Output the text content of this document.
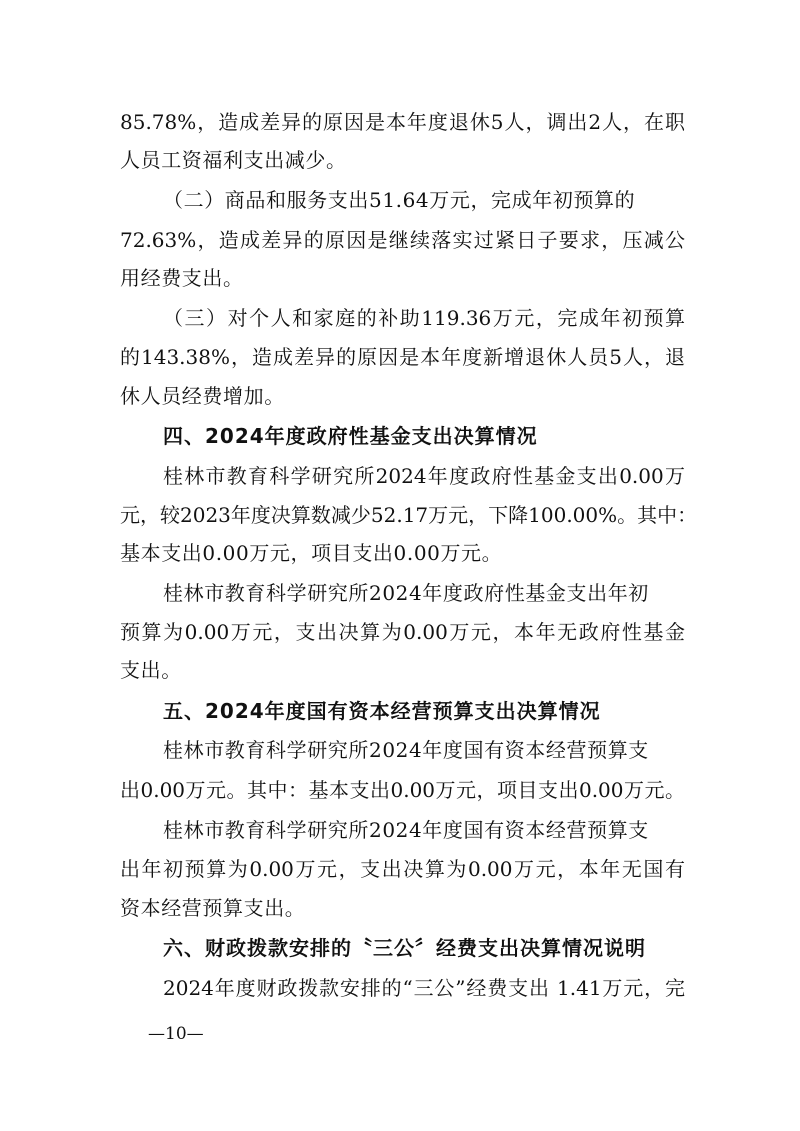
85.78%，造成差异的原因是本年度退休5人，调出2人，在职
人员工资福利支出减少。
（二）商品和服务支出51.64万元，完成年初预算的
72.63%，造成差异的原因是继续落实过紧日子要求，压减公
用经费支出。
（三）对个人和家庭的补助119.36万元，完成年初预算
的143.38%，造成差异的原因是本年度新增退休人员5人，退
休人员经费增加。
四、2024年度政府性基金支出决算情况
桂林市教育科学研究所2024年度政府性基金支出0.00万
元，较2023年度决算数减少52.17万元，下降100.00%。其中：
基本支出0.00万元，项目支出0.00万元。
桂林市教育科学研究所2024年度政府性基金支出年初
预算为0.00万元，支出决算为0.00万元，本年无政府性基金
支出。
五、2024年度国有资本经营预算支出决算情况
桂林市教育科学研究所2024年度国有资本经营预算支
出0.00万元。其中：基本支出0.00万元，项目支出0.00万元。
桂林市教育科学研究所2024年度国有资本经营预算支
出年初预算为0.00万元，支出决算为0.00万元，本年无国有
资本经营预算支出。
六、财政拨款安排的〝三公〞经费支出决算情况说明
2024年度财政拨款安排的“三公”经费支出 1.41万元，完
—10—
